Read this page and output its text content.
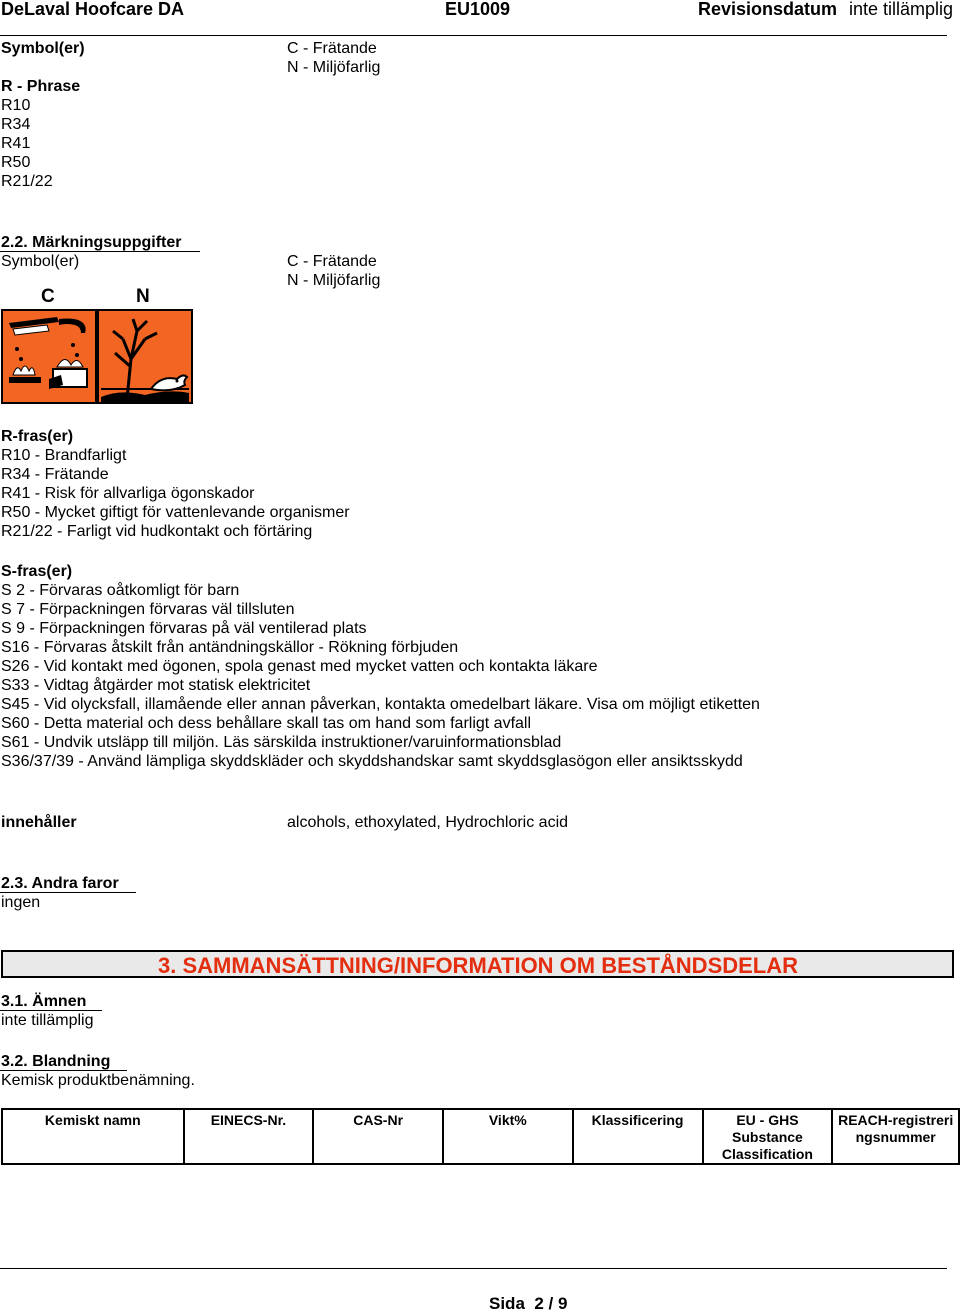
DeLaval Hoofcare DA	EU1009	Revisionsdatum inte tillämplig
Symbol(er)	C - Frätande
N - Miljöfarlig
R - Phrase
R10
R34
R41
R50
R21/22
2.2. Märkningsuppgifter
Symbol(er)	C - Frätande
N - Miljöfarlig
C	N
R-fras(er)
R10 - Brandfarligt
R34 - Frätande
R41 - Risk för allvarliga ögonskador
R50 - Mycket giftigt för vattenlevande organismer
R21/22 - Farligt vid hudkontakt och förtäring
S-fras(er)
S 2 - Förvaras oåtkomligt för barn
S 7 - Förpackningen förvaras väl tillsluten
S 9 - Förpackningen förvaras på väl ventilerad plats
S16 - Förvaras åtskilt från antändningskällor - Rökning förbjuden
S26 - Vid kontakt med ögonen, spola genast med mycket vatten och kontakta läkare
S33 - Vidtag åtgärder mot statisk elektricitet
S45 - Vid olycksfall, illamående eller annan påverkan, kontakta omedelbart läkare. Visa om möjligt etiketten
S60 - Detta material och dess behållare skall tas om hand som farligt avfall
S61 - Undvik utsläpp till miljön. Läs särskilda instruktioner/varuinformationsblad
S36/37/39 - Använd lämpliga skyddskläder och skyddshandskar samt skyddsglasögon eller ansiktsskydd
innehåller	alcohols, ethoxylated, Hydrochloric acid
2.3. Andra faror
ingen
3. SAMMANSÄTTNING/INFORMATION OM BESTÅNDSDELAR
3.1. Ämnen
inte tillämplig
3.2. Blandning
Kemisk produktbenämning.
Kemiskt namn	EINECS-Nr.	CAS-Nr	Vikt%	Klassificering	EU - GHS Substance Classification	REACH-registreringsnummer
Sida 2 / 9
